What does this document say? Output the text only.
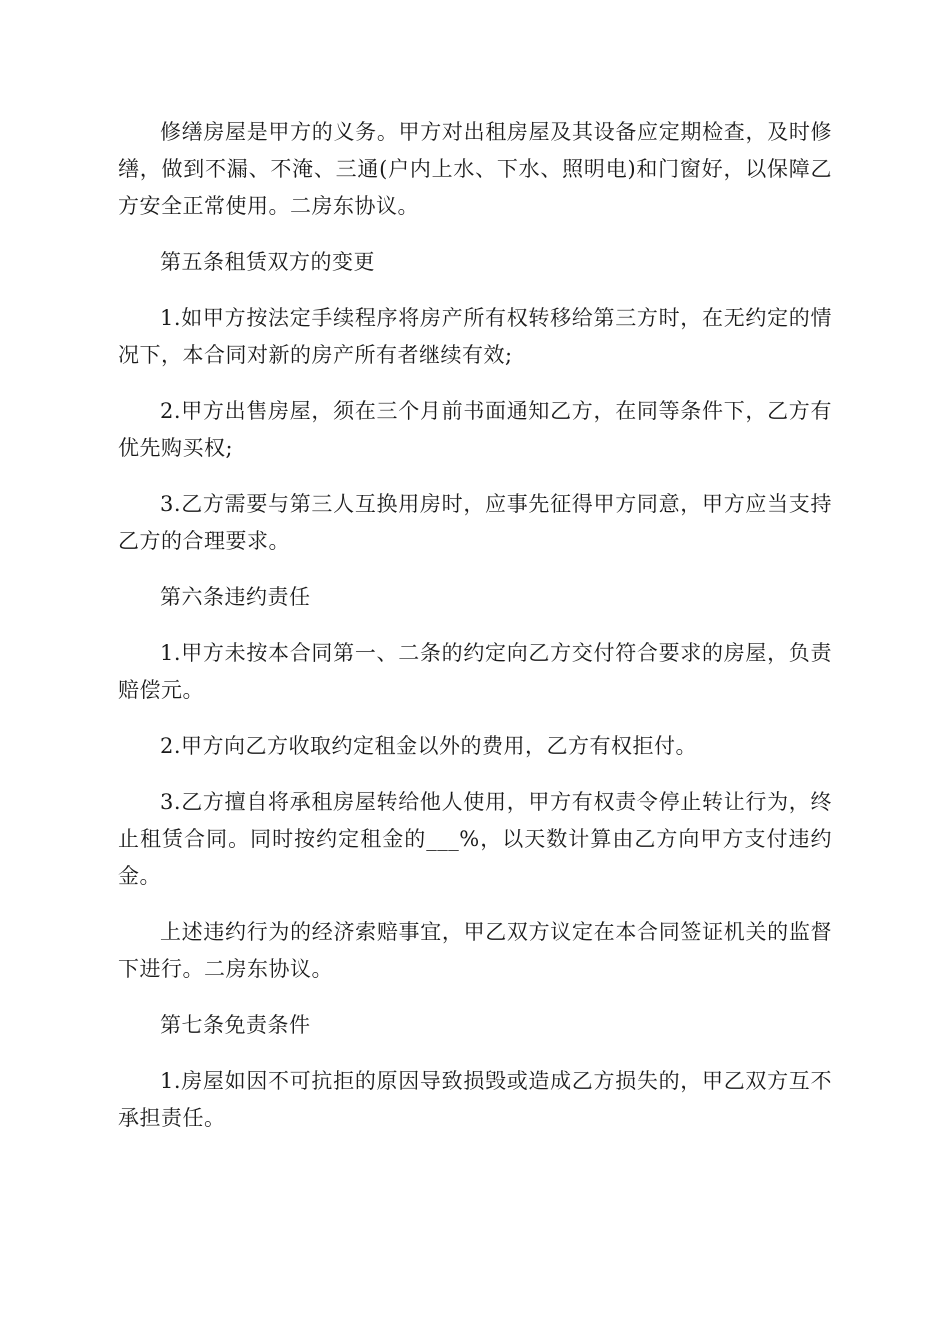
修缮房屋是甲方的义务。甲方对出租房屋及其设备应定期检查，及时修缮，做到不漏、不淹、三通(户内上水、下水、照明电)和门窗好，以保障乙方安全正常使用。二房东协议。

第五条租赁双方的变更

1.如甲方按法定手续程序将房产所有权转移给第三方时，在无约定的情况下，本合同对新的房产所有者继续有效;

2.甲方出售房屋，须在三个月前书面通知乙方，在同等条件下，乙方有优先购买权;

3.乙方需要与第三人互换用房时，应事先征得甲方同意，甲方应当支持乙方的合理要求。

第六条违约责任

1.甲方未按本合同第一、二条的约定向乙方交付符合要求的房屋，负责赔偿元。

2.甲方向乙方收取约定租金以外的费用，乙方有权拒付。

3.乙方擅自将承租房屋转给他人使用，甲方有权责令停止转让行为，终止租赁合同。同时按约定租金的___%，以天数计算由乙方向甲方支付违约金。

上述违约行为的经济索赔事宜，甲乙双方议定在本合同签证机关的监督下进行。二房东协议。

第七条免责条件

1.房屋如因不可抗拒的原因导致损毁或造成乙方损失的，甲乙双方互不承担责任。
